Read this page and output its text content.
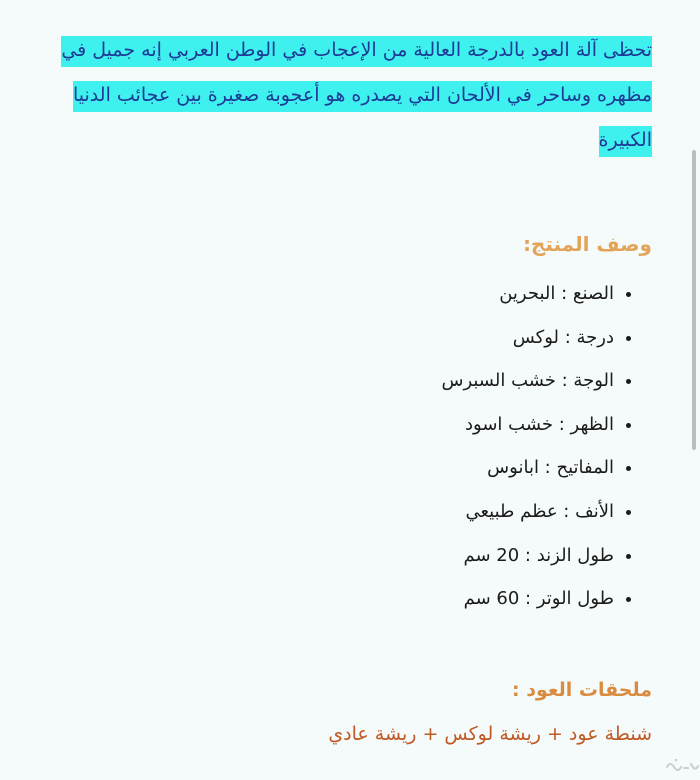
تحظى آلة العود بالدرجة العالية من الإعجاب في الوطن العربي إنه جميل في مظهره وساحر في الألحان التي يصدره هو أعجوبة صغيرة بين عجائب الدنيا الكبيرة

وصف المنتج:
• الصنع : البحرين
• درجة : لوكس
• الوجة : خشب السبرس
• الظهر : خشب اسود
• المفاتيح : ابانوس
• الأنف : عظم طبيعي
• طول الزند : 20 سم
• طول الوتر : 60 سم
ملحقات العود :

شنطة عود + ريشة لوكس + ريشة عادي
